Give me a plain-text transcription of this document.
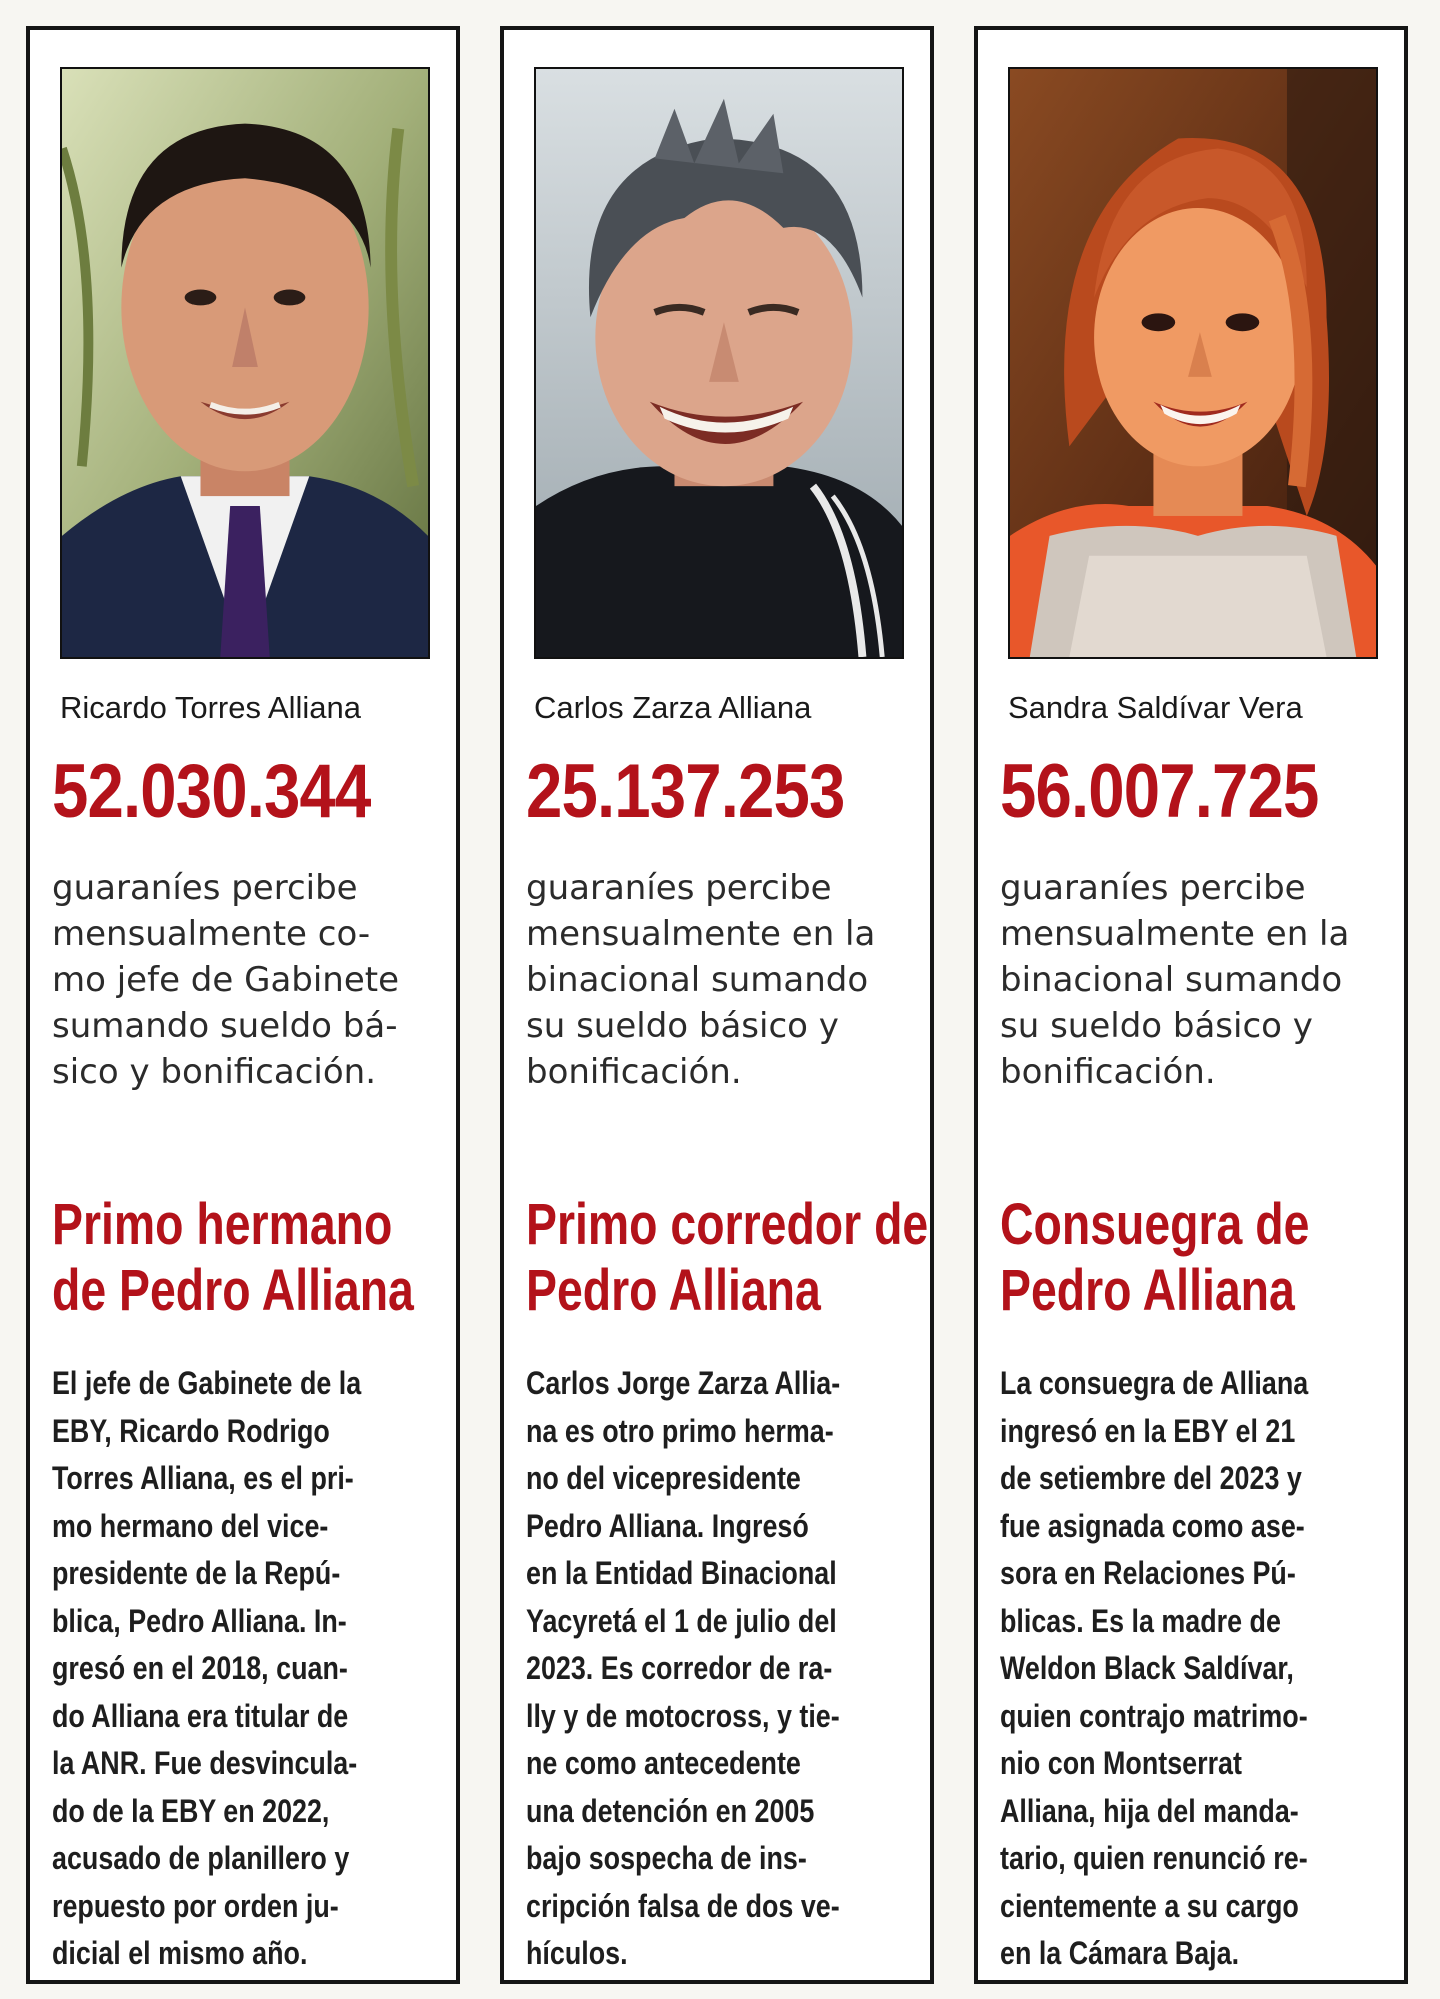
Ricardo Torres Alliana
52.030.344
guaraníes percibe
mensualmente co-
mo jefe de Gabinete
sumando sueldo bá-
sico y bonificación.
Primo hermano
de Pedro Alliana
El jefe de Gabinete de la
EBY, Ricardo Rodrigo
Torres Alliana, es el pri-
mo hermano del vice-
presidente de la Repú-
blica, Pedro Alliana. In-
gresó en el 2018, cuan-
do Alliana era titular de
la ANR. Fue desvincula-
do de la EBY en 2022,
acusado de planillero y
repuesto por orden ju-
dicial el mismo año.
Carlos Zarza Alliana
25.137.253
guaraníes percibe
mensualmente en la
binacional sumando
su sueldo básico y
bonificación.
Primo corredor de
Pedro Alliana
Carlos Jorge Zarza Allia-
na es otro primo herma-
no del vicepresidente
Pedro Alliana. Ingresó
en la Entidad Binacional
Yacyretá el 1 de julio del
2023. Es corredor de ra-
lly y de motocross, y tie-
ne como antecedente
una detención en 2005
bajo sospecha de ins-
cripción falsa de dos ve-
hículos.
Sandra Saldívar Vera
56.007.725
guaraníes percibe
mensualmente en la
binacional sumando
su sueldo básico y
bonificación.
Consuegra de
Pedro Alliana
La consuegra de Alliana
ingresó en la EBY el 21
de setiembre del 2023 y
fue asignada como ase-
sora en Relaciones Pú-
blicas. Es la madre de
Weldon Black Saldívar,
quien contrajo matrimo-
nio con Montserrat
Alliana, hija del manda-
tario, quien renunció re-
cientemente a su cargo
en la Cámara Baja.
